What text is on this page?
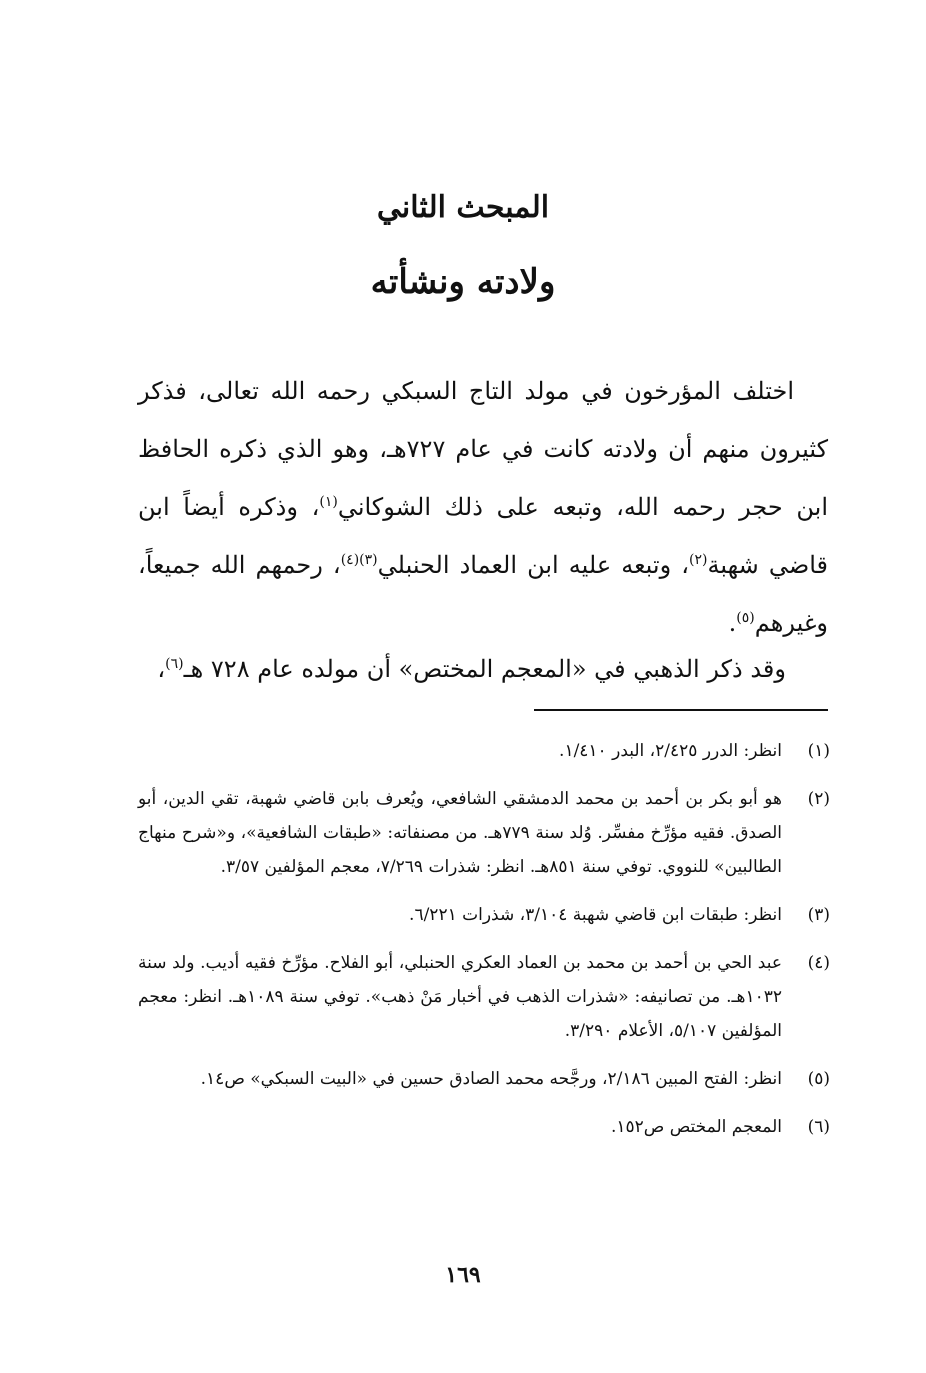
المبحث الثاني
ولادته ونشأته
اختلف المؤرخون في مولد التاج السبكي رحمه الله تعالى، فذكر كثيرون منهم أن ولادته كانت في عام ٧٢٧هـ، وهو الذي ذكره الحافظ ابن حجر رحمه الله، وتبعه على ذلك الشوكاني$^{(١)}$، وذكره أيضاً ابن قاضي شهبة$^{(٢)}$، وتبعه عليه ابن العماد الحنبلي$^{(٣)(٤)}$، رحمهم الله جميعاً، وغيرهم$^{(٥)}$.
وقد ذكر الذهبي في «المعجم المختص» أن مولده عام ٧٢٨ هـ$^{(٦)}$،
(١)
انظر: الدرر ٢/٤٢٥، البدر ١/٤١٠.
(٢)
هو أبو بكر بن أحمد بن محمد الدمشقي الشافعي، ويُعرف بابن قاضي شهبة، تقي الدين، أبو الصدق. فقيه مؤرِّخ مفسِّر. وُلد سنة ٧٧٩هـ. من مصنفاته: «طبقات الشافعية»، و«شرح منهاج الطالبين» للنووي. توفي سنة ٨٥١هـ. انظر: شذرات ٧/٢٦٩، معجم المؤلفين ٣/٥٧.
(٣)
انظر: طبقات ابن قاضي شهبة ٣/١٠٤، شذرات ٦/٢٢١.
(٤)
عبد الحي بن أحمد بن محمد بن العماد العكري الحنبلي، أبو الفلاح. مؤرِّخ فقيه أديب. ولد سنة ١٠٣٢هـ. من تصانيفه: «شذرات الذهب في أخبار مَنْ ذهب». توفي سنة ١٠٨٩هـ. انظر: معجم المؤلفين ٥/١٠٧، الأعلام ٣/٢٩٠.
(٥)
انظر: الفتح المبين ٢/١٨٦، ورجَّحه محمد الصادق حسين في «البيت السبكي» ص١٤.
(٦)
المعجم المختص ص١٥٢.
١٦٩
